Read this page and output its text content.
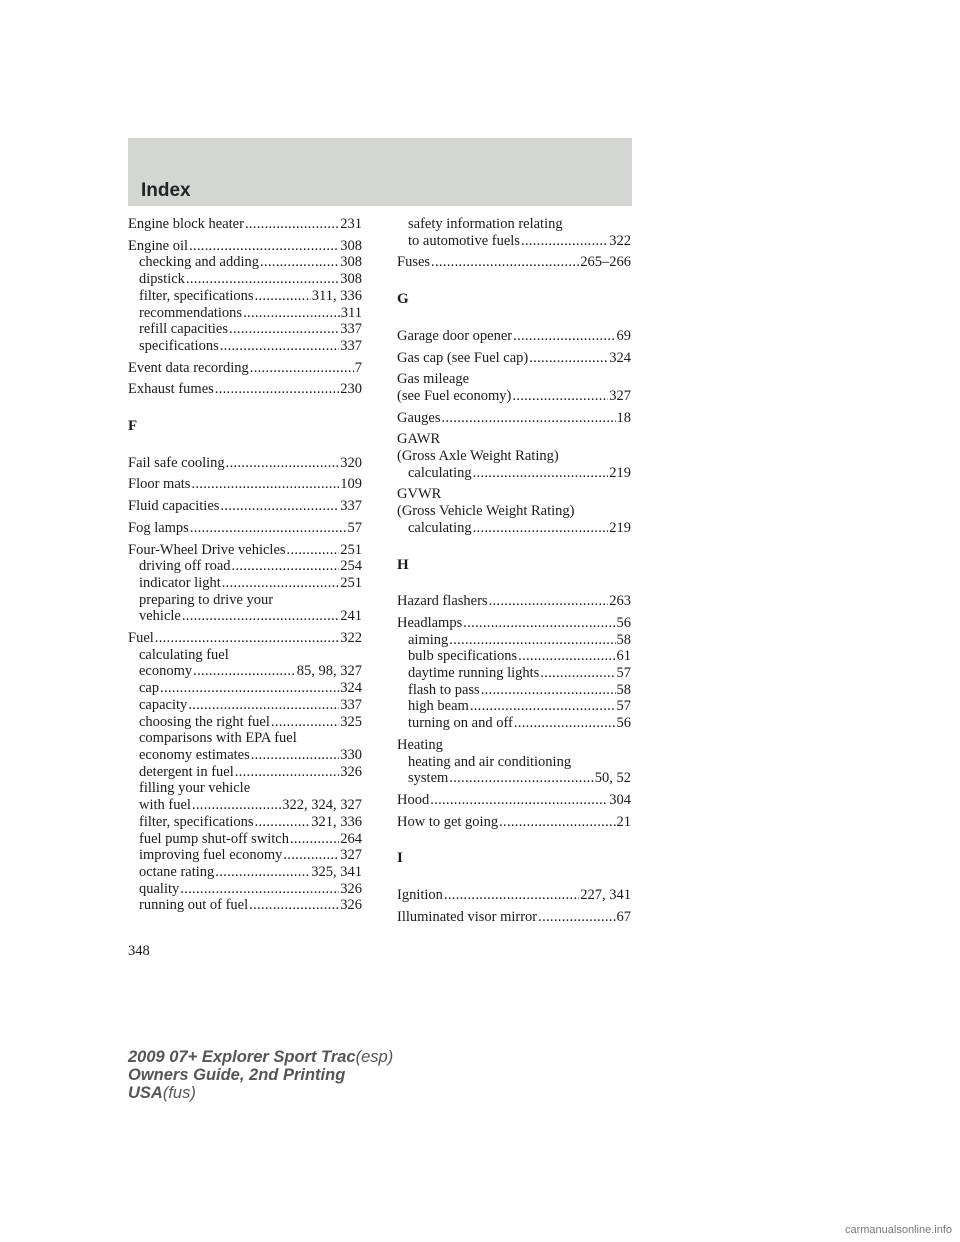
Index
Engine block heater .....	231
Engine oil .....	308
checking and adding .....	308
dipstick .....	308
filter, specifications .....	311, 336
recommendations .....	311
refill capacities .....	337
specifications .....	337
Event data recording .....	7
Exhaust fumes .....	230
F
Fail safe cooling .....	320
Floor mats .....	109
Fluid capacities .....	337
Fog lamps .....	57
Four-Wheel Drive vehicles .....	251
driving off road .....	254
indicator light .....	251
preparing to drive your
vehicle .....	241
Fuel .....	322
calculating fuel
economy .....	85, 98, 327
cap .....	324
capacity .....	337
choosing the right fuel .....	325
comparisons with EPA fuel
economy estimates .....	330
detergent in fuel .....	326
filling your vehicle
with fuel .....	322, 324, 327
filter, specifications .....	321, 336
fuel pump shut-off switch .....	264
improving fuel economy .....	327
octane rating .....	325, 341
quality .....	326
running out of fuel .....	326
safety information relating
to automotive fuels .....	322
Fuses .....	265–266
G
Garage door opener .....	69
Gas cap (see Fuel cap) .....	324
Gas mileage
(see Fuel economy) .....	327
Gauges .....	18
GAWR
(Gross Axle Weight Rating)
calculating .....	219
GVWR
(Gross Vehicle Weight Rating)
calculating .....	219
H
Hazard flashers .....	263
Headlamps .....	56
aiming .....	58
bulb specifications .....	61
daytime running lights .....	57
flash to pass .....	58
high beam .....	57
turning on and off .....	56
Heating
heating and air conditioning
system .....	50, 52
Hood .....	304
How to get going .....	21
I
Ignition .....	227, 341
Illuminated visor mirror .....	67
348
2009 07+ Explorer Sport Trac(esp)
Owners Guide, 2nd Printing
USA(fus)
carmanualsonline.info
